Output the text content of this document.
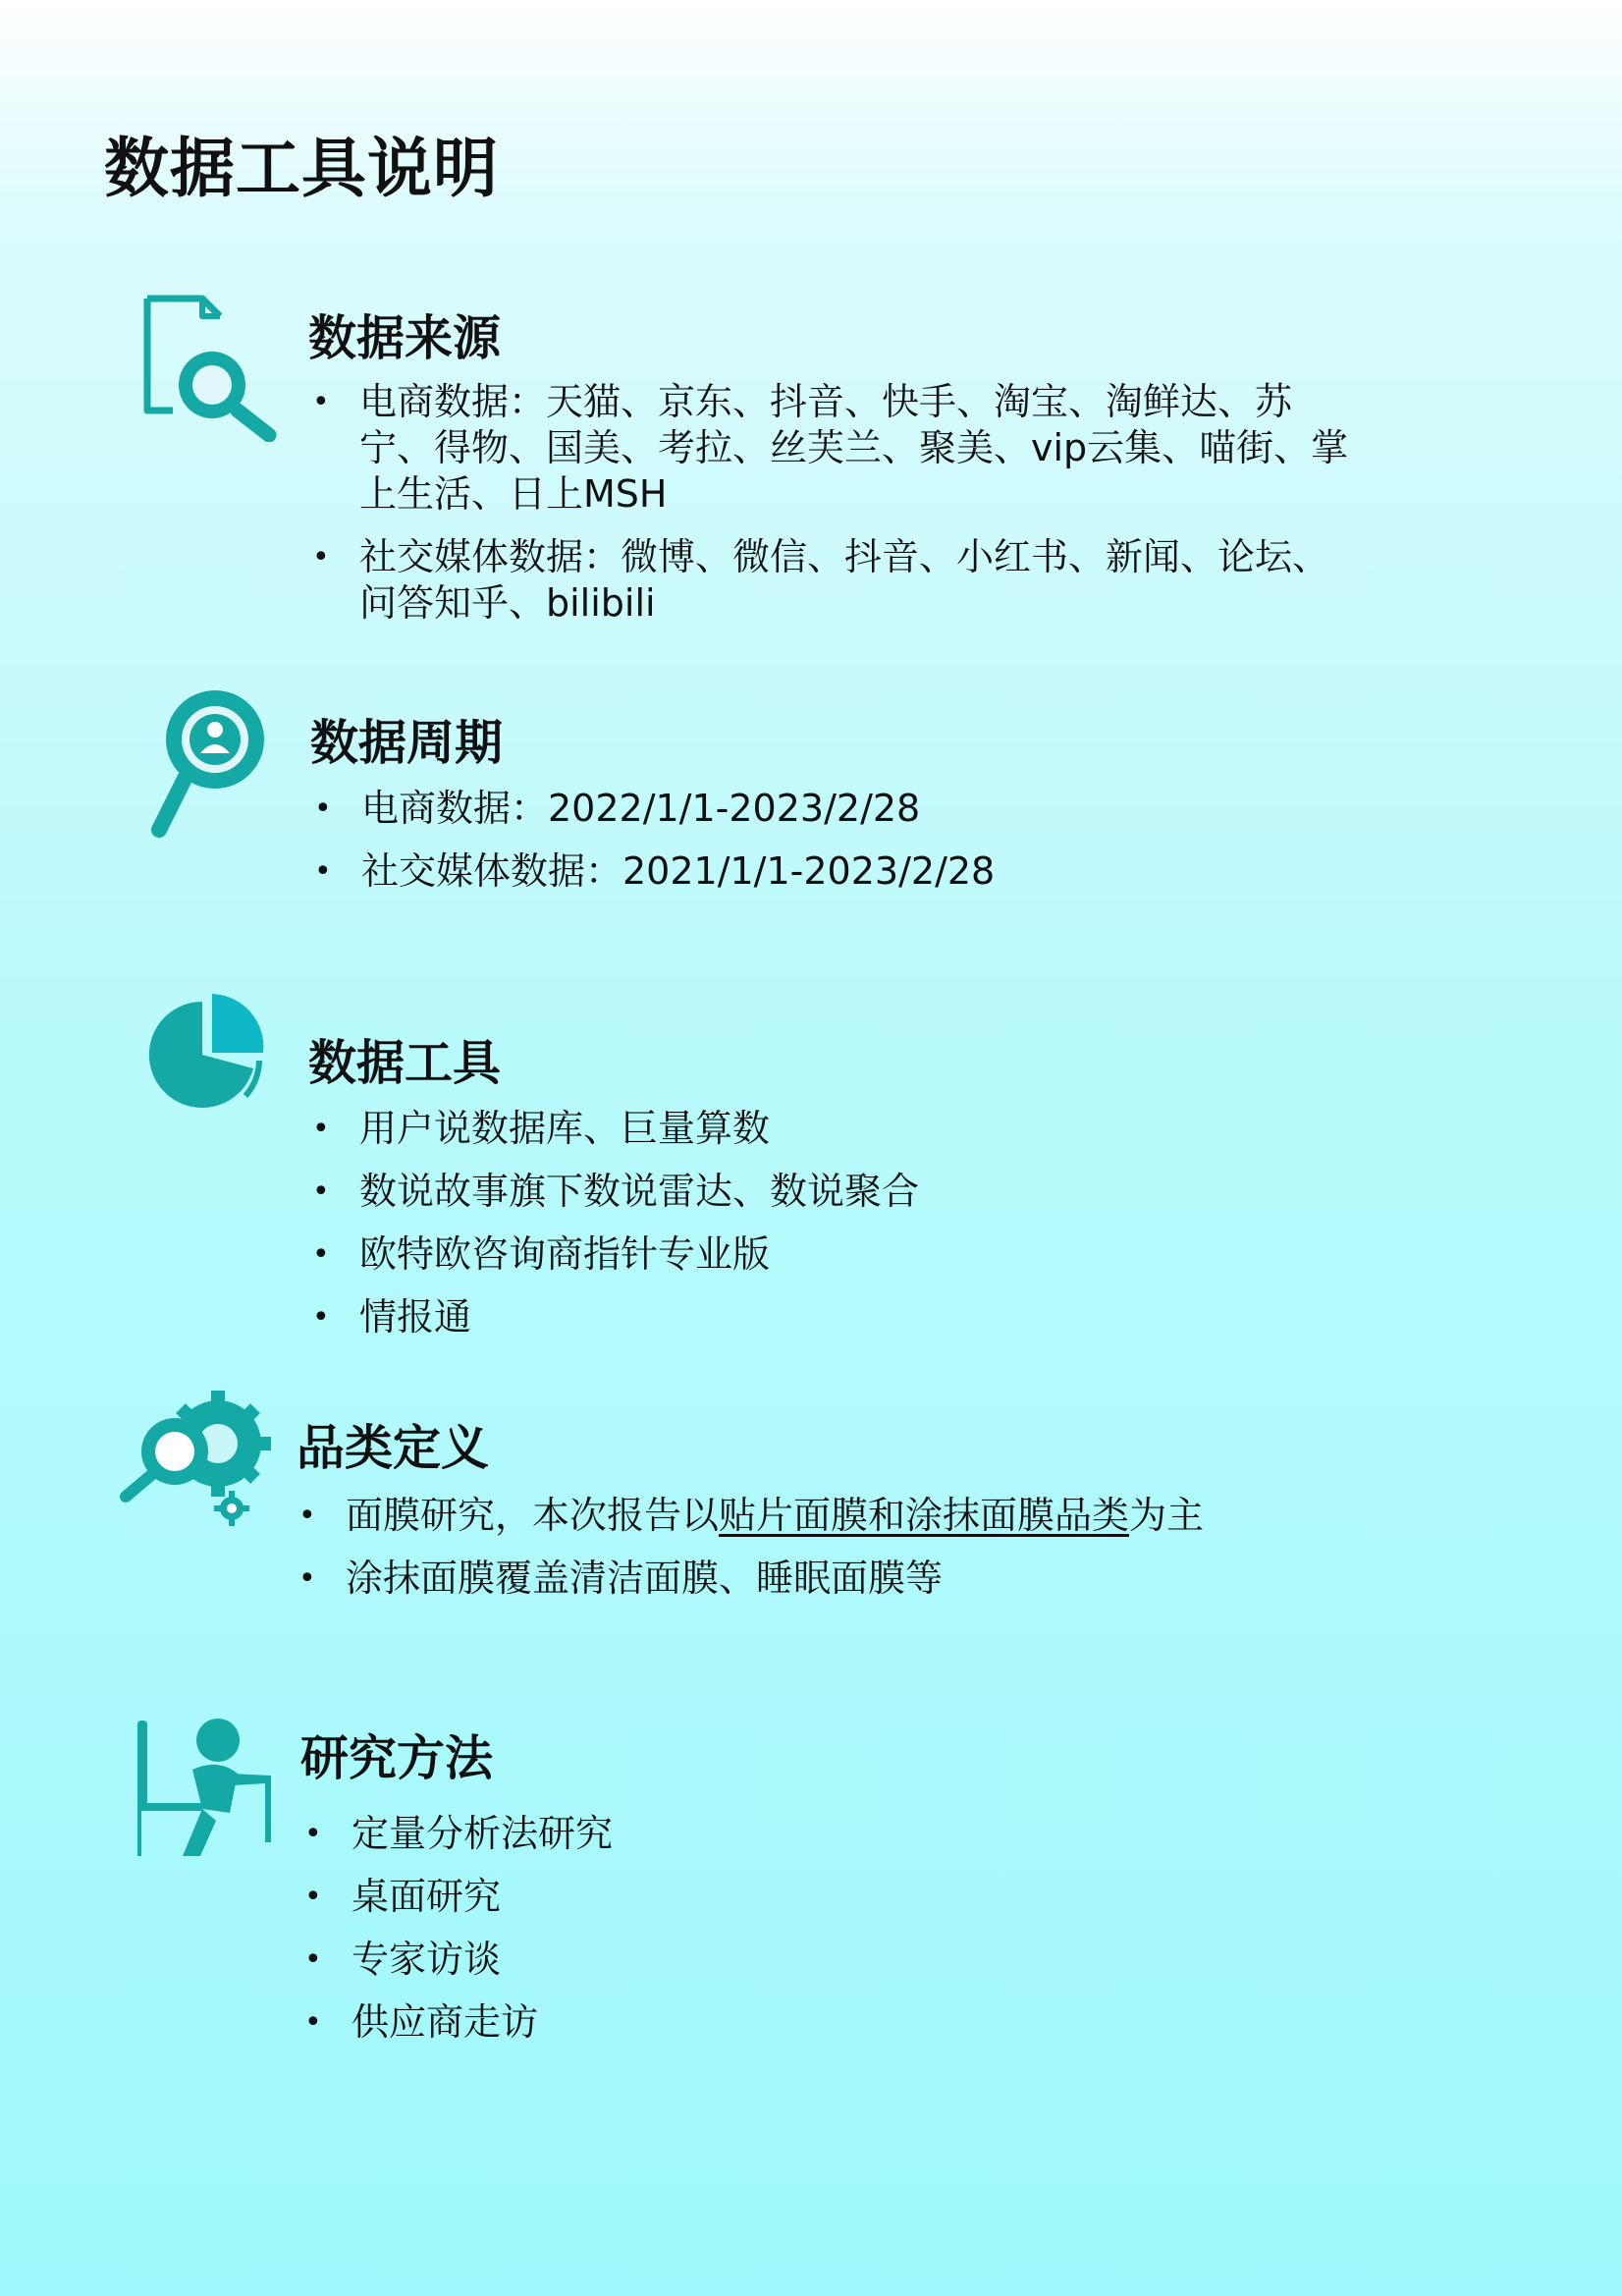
数据工具说明
数据来源
• 电商数据：天猫、京东、抖音、快手、淘宝、淘鲜达、苏宁、得物、国美、考拉、丝芙兰、聚美、vip云集、喵街、掌上生活、日上MSH
• 社交媒体数据：微博、微信、抖音、小红书、新闻、论坛、问答知乎、bilibili
数据周期
• 电商数据：2022/1/1-2023/2/28
• 社交媒体数据：2021/1/1-2023/2/28
数据工具
• 用户说数据库、巨量算数
• 数说故事旗下数说雷达、数说聚合
• 欧特欧咨询商指针专业版
• 情报通
品类定义
• 面膜研究，本次报告以贴片面膜和涂抹面膜品类为主
• 涂抹面膜覆盖清洁面膜、睡眠面膜等
研究方法
• 定量分析法研究
• 桌面研究
• 专家访谈
• 供应商走访
